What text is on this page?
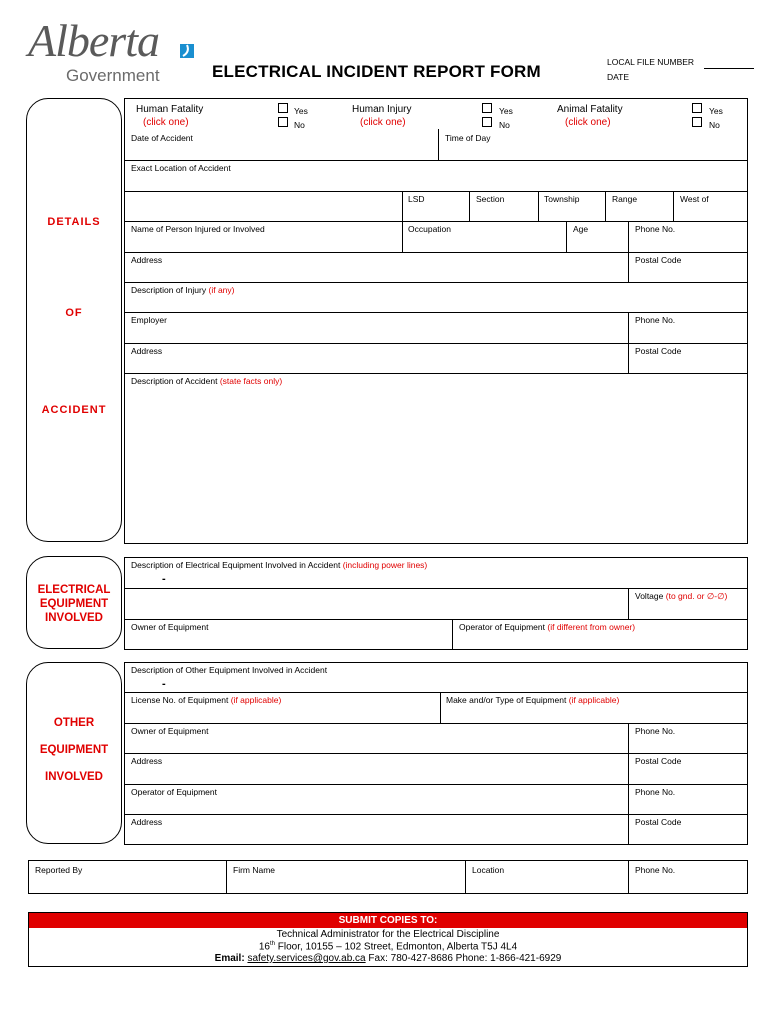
Alberta
Government	ELECTRICAL INCIDENT REPORT FORM	LOCAL FILE NUMBER
DATE
DETAILS
OF
ACCIDENT
ELECTRICAL
EQUIPMENT
INVOLVED
OTHER
EQUIPMENT
INVOLVED
Human Fatality
(click one)
Yes
No
Human Injury
(click one)
Yes
No
Animal Fatality
(click one)
Yes
No
Date of Accident	Time of Day
Exact Location of Accident
LSD	Section	Township	Range	West of
Name of Person Injured or Involved	Occupation	Age	Phone No.
Address	Postal Code
Description of Injury (if any)
Employer	Phone No.
Address	Postal Code
Description of Accident (state facts only)
Description of Electrical Equipment Involved in Accident (including power lines)
-
Voltage (to gnd. or ∅-∅)
Owner of Equipment	Operator of Equipment (if different from owner)
Description of Other Equipment Involved in Accident
-
License No. of Equipment (if applicable)	Make and/or Type of Equipment (if applicable)
Owner of Equipment	Phone No.
Address	Postal Code
Operator of Equipment	Phone No.
Address	Postal Code
Reported By	Firm Name	Location	Phone No.
SUBMIT COPIES TO:
Technical Administrator for the Electrical Discipline
16th Floor, 10155 – 102 Street, Edmonton, Alberta T5J 4L4
Email: safety.services@gov.ab.ca Fax: 780-427-8686 Phone: 1-866-421-6929
